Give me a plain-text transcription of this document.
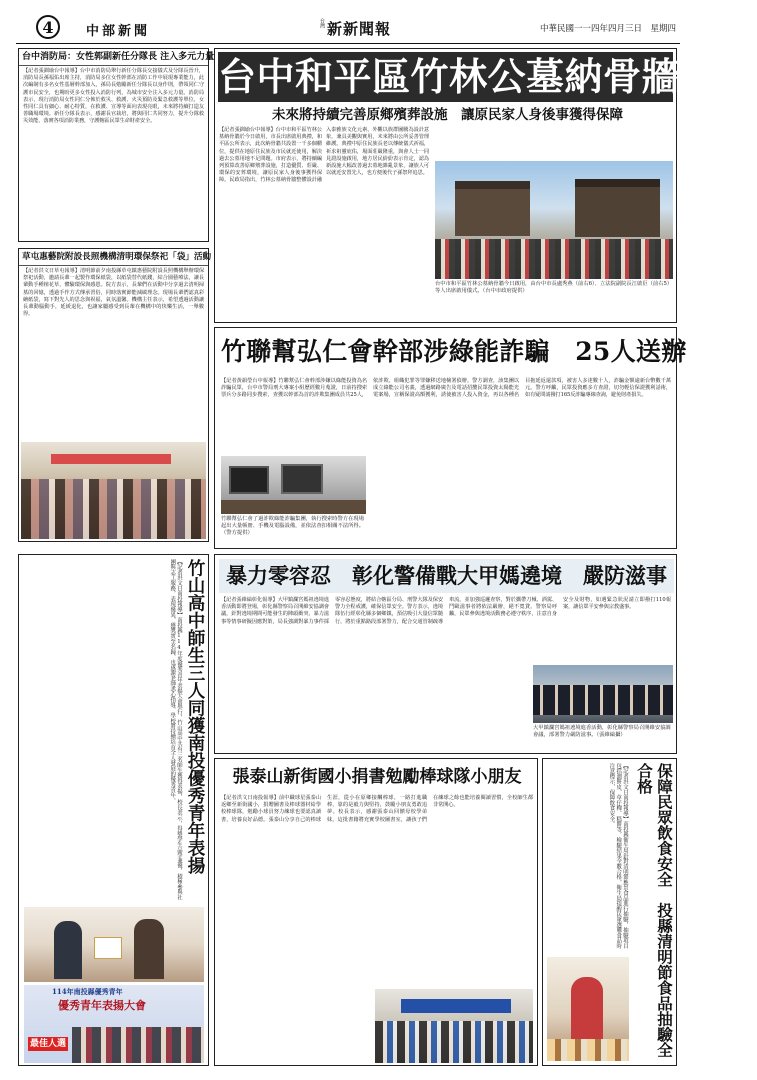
4	中部新聞
台灣 新新聞報	中華民國一一四年四月三日　星期四
台中消防局：女性郭副新任分隊長 注入多元力量
【記者張釧瑜台中報導】台中市消防局舉行新任分隊長交接儀式及分隊長晉升，消防局長孫福佑出席主持，消防局多位女性幹部在消防工作中展現專業能力，此次編制有多名女性基層幹部加入，孫局長勉勵新任分隊長以身作則，帶領同仁守護市民安全，也期盼更多女性投入消防行列，為城市安全注入多元力量。消防局表示，現行消防局女性同仁分佈於救災、救護、火災預防及緊急救護等單位，女性同仁具有細心、耐心特質，在救護、宣導等面向表現亮眼，未來將持續打造友善職場環境。新任分隊長表示，感謝長官栽培，將與同仁共同努力，提升分隊救災效能，落實各項消防業務，守護轄區民眾生命財產安全。
草屯惠藝院附設長照機構清明環保祭祀「袋」活動
【記者洪文日草屯報導】清明節前夕南投縣草屯鎮惠藝院附設長照機構舉辦環保祭祀活動，邀請長輩一起製作環保紙袋，以紙袋替代紙錢，結合園藝療法，讓長輩動手種植花草，體驗環保與感恩。院方表示，長輩們在活動中分享過去清明掃墓的回憶，透過手作方式傳承習俗，同時落實節能減碳理念。現場長輩們認真彩繪紙袋，寫下對先人的思念與祝福，氣氛溫馨。機構主任表示，希望透過活動讓長輩動腦動手，延緩退化，也讓家屬感受到長輩在機構中的快樂生活，一舉數得。
台中和平區竹林公墓納骨牆啟用
未來將持續完善原鄉殯葬設施　讓原民家人身後事獲得保障
【記者張釧瑜台中報導】台中市和平區竹林公墓納骨牆於今日啟用，市長出席啟用典禮，和平區公所表示，此次納骨牆共設置一千多個櫃位，提供在地原住民族及市民就近使用，解決過去公墓用地不足問題。市府表示，將持續編列預算改善原鄉殯葬設施，打造優質、莊嚴、環保的安葬環境，讓原民家人身後事獲得保障。民政局指出，竹林公墓納骨牆整體設計融入泰雅族文化元素，外觀以族群圖騰為設計意象，兼具美觀與實用，未來將由公所妥善管理維護。典禮中原住民族長老以傳統儀式祈福，祈求祖靈庇佑，場面莊嚴隆重，與會人士一同見證設施啟用，地方居民紛紛表示肯定，認為新設施大幅改善過去墓地雜亂景象，讓族人可以就近安置先人，也方便後代子孫祭拜追思。
台中市和平區竹林公墓納骨牆今日啟用，由台中市長盧秀燕（前右6）、立法院副院長江啟臣（前右5）等人出席啟用儀式。（台中市政府提供）
竹聯幫弘仁會幹部涉綠能詐騙　25人送辦
【記者黃韻瑩台中報導】竹聯幫弘仁會幹部涉嫌以綠能投資為名詐騙民眾，台中市警局刑大專案小組歷經數月蒐證，日前持搜索票兵分多路同步搜索，查獲以幹部為首的詐欺集團成員共25人，依詐欺、組織犯罪等罪嫌移送地檢署偵辦。警方調查，該集團以成立綠能公司名義，透過網路廣告及電話招攬民眾投資太陽能光電案場，宣稱保證高額獲利，誘使被害人投入資金，再以各種名目拖延返還款項，被害人多達數十人，詐騙金額逾新台幣數千萬元。警方呼籲，民眾投資應多方查證，切勿輕信保證獲利話術，如有疑問請撥打165反詐騙專線查詢，避免財產損失。
竹聯幫弘仁會了過詐欺綠能詐騙集團，執行搜索時警方在現場起出大量帳冊、手機及電腦設備，並依法查扣相關不法所得。（警方提供）
竹山高中師生三人同獲南投優秀青年表揚
【記者洪文日南投報導】南投縣114年度優秀青年表揚大會舉行，竹山高中共有三名師生獲得表揚，校長表示，得獎學生品學兼優，積極參與社團與志工服務，表現優異，獲獎實至名歸，也感謝老師悉心指導，學校將持續培育全人發展的優秀青年。
114年南投縣優秀青年
優秀青年表揚大會
最佳人選
暴力零容忍　彰化警備戰大甲媽遶境　嚴防滋事
【記者張維綸彰化報導】大甲鎮瀾宮媽祖遶境進香活動即將登場，彰化縣警察局召開維安協調會議，針對遶境期間可能發生的陣頭衝突、暴力滋事等情事研擬因應對策，局長強調對暴力事件採零容忍態度，將結合轄區分局、刑警大隊及保安警力全程戒護，確保信眾安全。警方表示，遶境隊伍行經彰化縣多個鄉鎮，預估吸引大量信眾隨行，將於重點路段部署警力，配合交通管制疏導車流，並加強巡邏查察，對於攜帶刀械、酒駕、鬥毆滋事者將依法嚴辦，絕不寬貸。警察局呼籲，民眾參與遶境活動務必遵守秩序，注意自身安全及財物，如遇緊急狀況請立即撥打110報案，讓信眾平安參與宗教盛事。
大甲鎮瀾宮媽祖遶境進香活動，彰化縣警察局召開維安協調會議，部署警力嚴防滋事。（張維綸攝）
張泰山新街國小捐書勉勵棒球隊小朋友
【記者洪文日南投報導】前中職球星張泰山返鄉至新街國小，捐贈圖書及棒球器材給學校棒球隊，勉勵小球員努力練球也要認真讀書，培養良好品德。張泰山分享自己的棒球生涯，從小在原鄉接觸棒球，一路打進職棒，靠的是毅力與堅持，鼓勵小朋友勇敢追夢。校長表示，感謝張泰山回饋母校學弟妹，這批書籍將充實學校圖書室，讓孩子們在練球之餘也能培養閱讀習慣，全校師生都非常開心。	保障民眾飲食安全　投縣清明節食品抽驗全合格
【記者洪文日南投報導】南投縣衛生局針對清明節應景食品進行抽驗，抽驗項目包括潤餅皮、草仔粿、糕餅等，檢驗結果全數合格，衛生局提醒民眾選購食品時注意標示，保障飲食安全。
